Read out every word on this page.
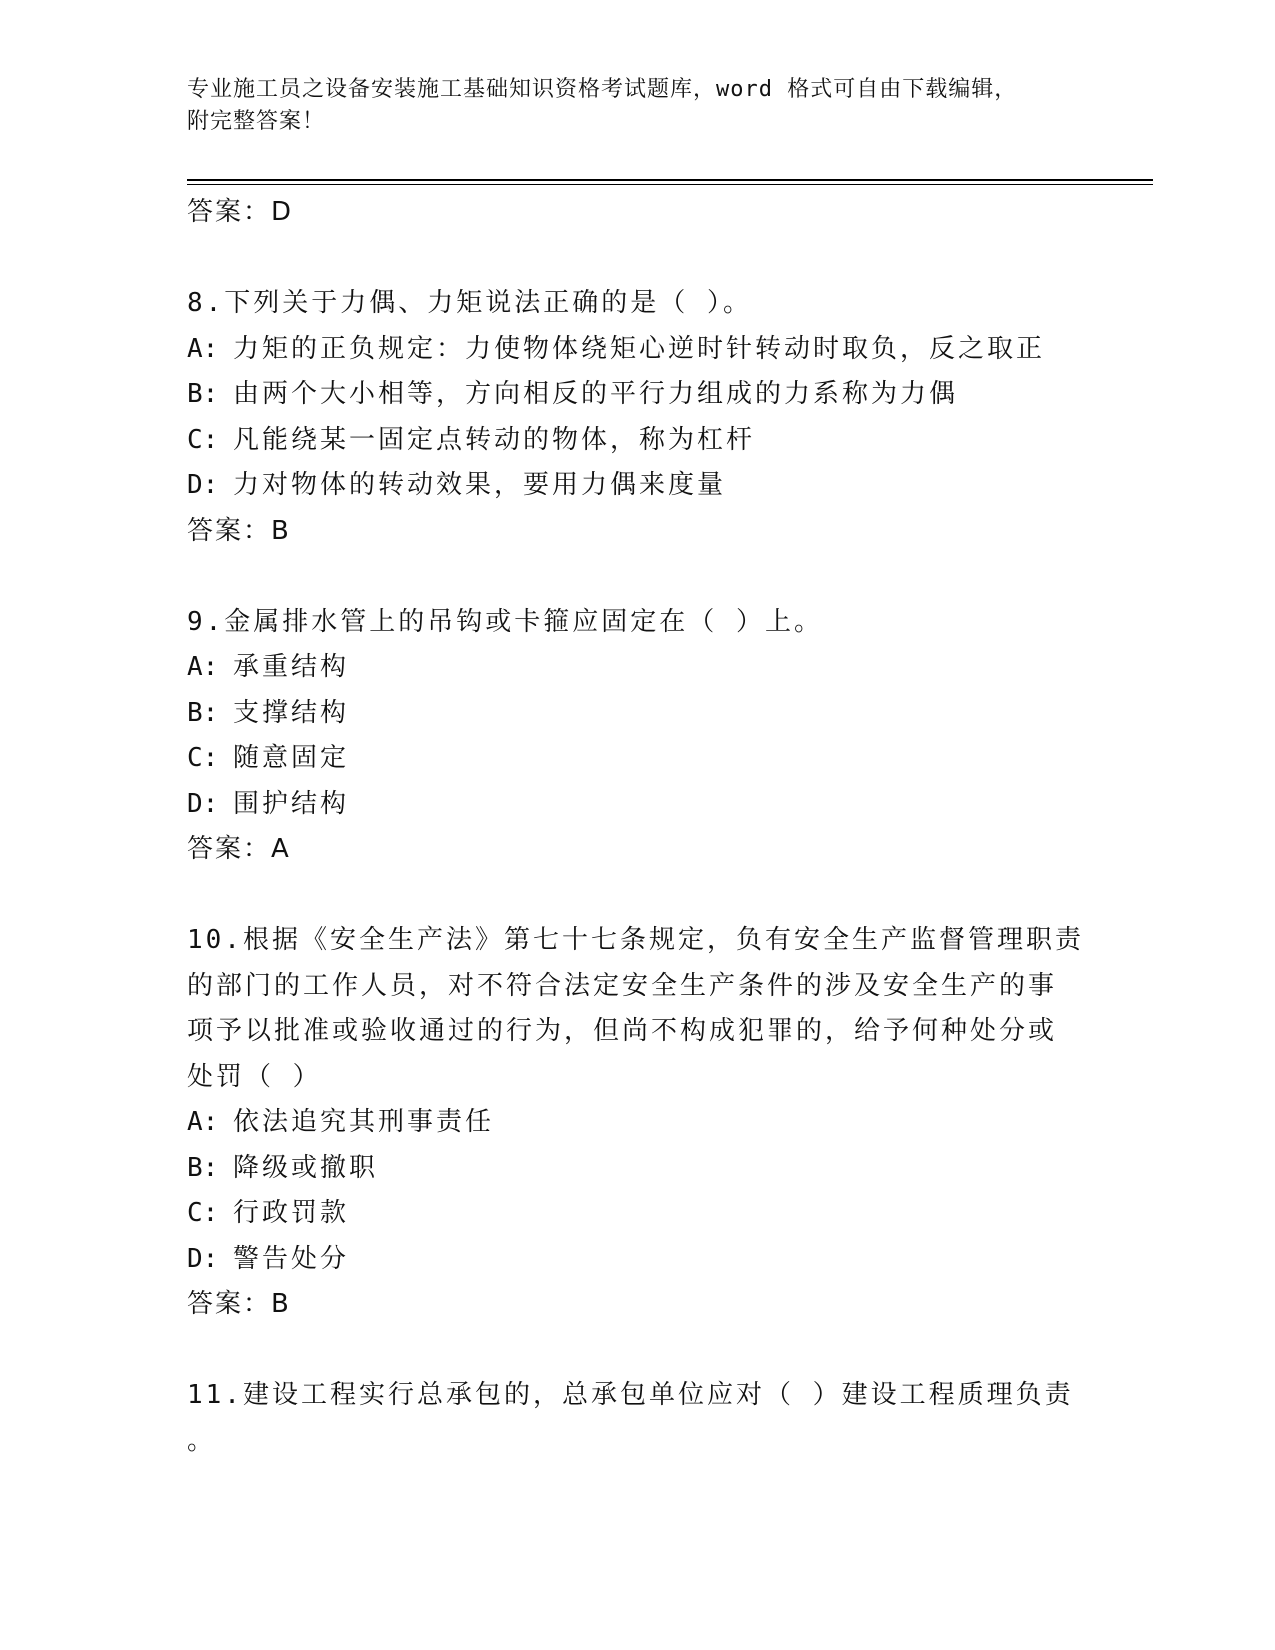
专业施工员之设备安装施工基础知识资格考试题库，word 格式可自由下载编辑，
附完整答案！
答案：D
8.下列关于力偶、力矩说法正确的是（ ）。
A: 力矩的正负规定：力使物体绕矩心逆时针转动时取负，反之取正
B: 由两个大小相等，方向相反的平行力组成的力系称为力偶
C: 凡能绕某一固定点转动的物体，称为杠杆
D: 力对物体的转动效果，要用力偶来度量
答案：B
9.金属排水管上的吊钩或卡箍应固定在（ ）上。
A: 承重结构
B: 支撑结构
C: 随意固定
D: 围护结构
答案：A
10.根据《安全生产法》第七十七条规定，负有安全生产监督管理职责
的部门的工作人员，对不符合法定安全生产条件的涉及安全生产的事
项予以批准或验收通过的行为，但尚不构成犯罪的，给予何种处分或
处罚（ ）
A: 依法追究其刑事责任
B: 降级或撤职
C: 行政罚款
D: 警告处分
答案：B
11.建设工程实行总承包的，总承包单位应对（ ）建设工程质理负责
。
